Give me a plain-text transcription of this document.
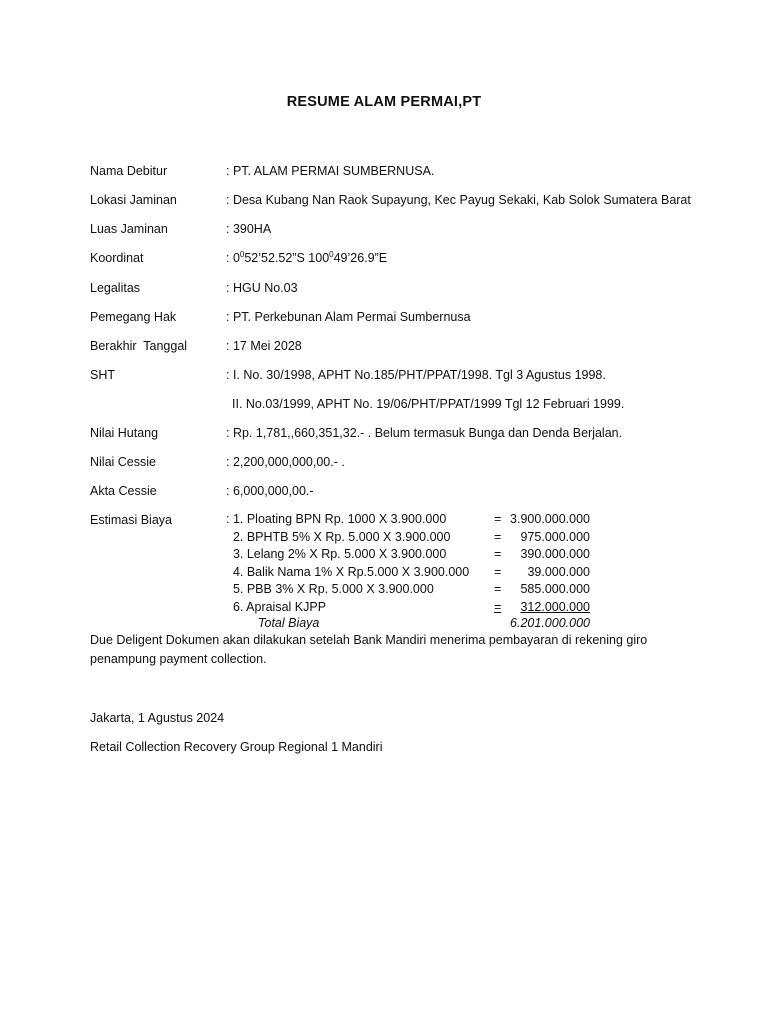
RESUME ALAM PERMAI,PT
Nama Debitur	: PT. ALAM PERMAI SUMBERNUSA.
Lokasi Jaminan	: Desa Kubang Nan Raok Supayung, Kec Payug Sekaki, Kab Solok Sumatera Barat
Luas Jaminan	: 390HA
Koordinat	: $0^052’52.52”S$ $100^049’26.9”E$
Legalitas	: HGU No.03
Pemegang Hak	: PT. Perkebunan Alam Permai Sumbernusa
Berakhir  Tanggal	: 17 Mei 2028
SHT	: I. No. 30/1998, APHT No.185/PHT/PPAT/1998. Tgl 3 Agustus 1998.
II. No.03/1999, APHT No. 19/06/PHT/PPAT/1999 Tgl 12 Februari 1999.
Nilai Hutang	: Rp. 1,781,,660,351,32.- . Belum termasuk Bunga dan Denda Berjalan.
Nilai Cessie	: 2,200,000,000,00.- .
Akta Cessie	: 6,000,000,00.-
Estimasi Biaya	: 1. Ploating BPN Rp. 1000 X 3.900.000	= 3.900.000.000
2. BPHTB 5% X Rp. 5.000 X 3.900.000	=	975.000.000
3. Lelang 2% X Rp. 5.000 X 3.900.000	=	390.000.000
4. Balik Nama 1% X Rp.5.000 X 3.900.000 =	39.000.000
5. PBB 3% X Rp. 5.000 X 3.900.000	=	585.000.000
6. Apraisal KJPP	=	312.000.000
Total Biaya	6.201.000.000
Due Deligent Dokumen akan dilakukan setelah Bank Mandiri menerima pembayaran di rekening giro penampung payment collection.
Jakarta, 1 Agustus 2024
Retail Collection Recovery Group Regional 1 Mandiri
